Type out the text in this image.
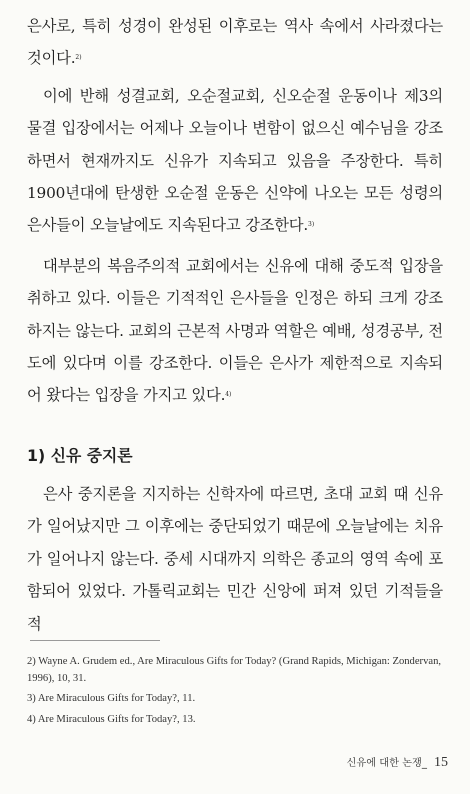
은사로, 특히 성경이 완성된 이후로는 역사 속에서 사라졌다는 것이다.$^{2)}$

이에 반해 성결교회, 오순절교회, 신오순절 운동이나 제3의 물결 입장에서는 어제나 오늘이나 변함이 없으신 예수님을 강조하면서 현재까지도 신유가 지속되고 있음을 주장한다. 특히 1900년대에 탄생한 오순절 운동은 신약에 나오는 모든 성령의 은사들이 오늘날에도 지속된다고 강조한다.$^{3)}$

대부분의 복음주의적 교회에서는 신유에 대해 중도적 입장을 취하고 있다. 이들은 기적적인 은사들을 인정은 하되 크게 강조하지는 않는다. 교회의 근본적 사명과 역할은 예배, 성경공부, 전도에 있다며 이를 강조한다. 이들은 은사가 제한적으로 지속되어 왔다는 입장을 가지고 있다.$^{4)}$

1) 신유 중지론

은사 중지론을 지지하는 신학자에 따르면, 초대 교회 때 신유가 일어났지만 그 이후에는 중단되었기 때문에 오늘날에는 치유가 일어나지 않는다. 중세 시대까지 의학은 종교의 영역 속에 포함되어 있었다. 가톨릭교회는 민간 신앙에 퍼져 있던 기적들을 적

2) Wayne A. Grudem ed., Are Miraculous Gifts for Today? (Grand Rapids, Michigan: Zondervan, 1996), 10, 31.

3) Are Miraculous Gifts for Today?, 11.

4) Are Miraculous Gifts for Today?, 13.

신유에 대한 논쟁_ 15
